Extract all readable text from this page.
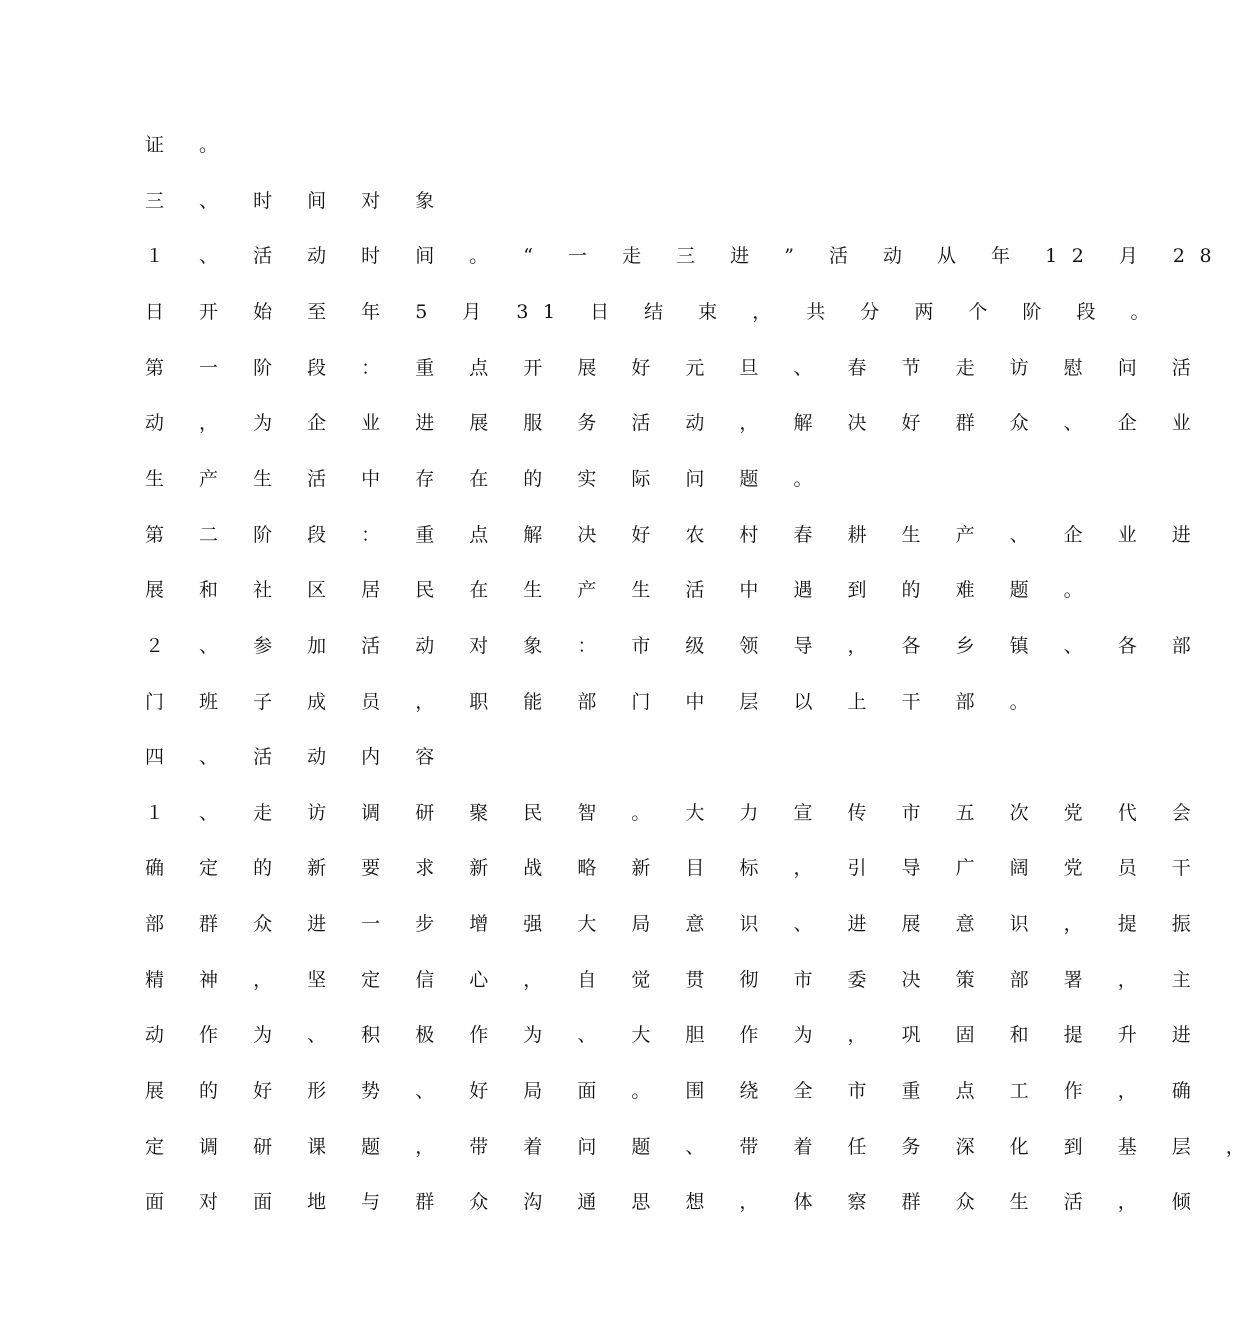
证 。
三 、 时 间 对 象
１ 、 活 动 时 间 。 “ 一 走 三 进 ” 活 动 从 年 12 月 28
日 开 始 至 年 5 月 31 日 结 束 ， 共 分 两 个 阶 段 。
第 一 阶 段 ： 重 点 开 展 好 元 旦 、 春 节 走 访 慰 问 活
动 ， 为 企 业 进 展 服 务 活 动 ， 解 决 好 群 众 、 企 业
生 产 生 活 中 存 在 的 实 际 问 题 。
第 二 阶 段 ： 重 点 解 决 好 农 村 春 耕 生 产 、 企 业 进
展 和 社 区 居 民 在 生 产 生 活 中 遇 到 的 难 题 。
２ 、 参 加 活 动 对 象 ： 市 级 领 导 ， 各 乡 镇 、 各 部
门 班 子 成 员 ， 职 能 部 门 中 层 以 上 干 部 。
四 、 活 动 内 容
１ 、 走 访 调 研 聚 民 智 。 大 力 宣 传 市 五 次 党 代 会
确 定 的 新 要 求 新 战 略 新 目 标 ， 引 导 广 阔 党 员 干
部 群 众 进 一 步 增 强 大 局 意 识 、 进 展 意 识 ， 提 振
精 神 ， 坚 定 信 心 ， 自 觉 贯 彻 市 委 决 策 部 署 ， 主
动 作 为 、 积 极 作 为 、 大 胆 作 为 ， 巩 固 和 提 升 进
展 的 好 形 势 、 好 局 面 。 围 绕 全 市 重 点 工 作 ， 确
定 调 研 课 题 ， 带 着 问 题 、 带 着 任 务 深 化 到 基 层 ，
面 对 面 地 与 群 众 沟 通 思 想 ， 体 察 群 众 生 活 ， 倾
